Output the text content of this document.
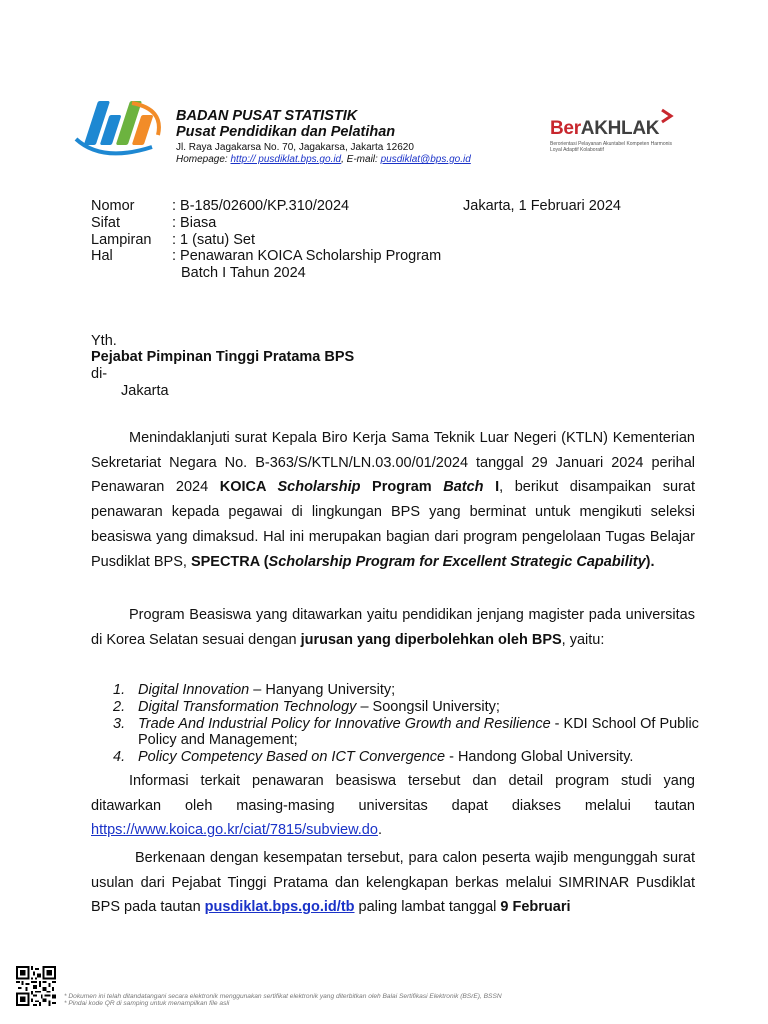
BADAN PUSAT STATISTIK
Pusat Pendidikan dan Pelatihan
Jl. Raya Jagakarsa No. 70, Jagakarsa, Jakarta 12620
Homepage: http:// pusdiklat.bps.go.id, E-mail: pusdiklat@bps.go.id
BerAKHLAK
Berorientasi Pelayanan Akuntabel Kompeten Harmonis Loyal Adaptif Kolaboratif
Nomor	: B-185/02600/KP.310/2024
Sifat	: Biasa
Lampiran : 1 (satu) Set
Hal	: Penawaran KOICA Scholarship Program
Batch I Tahun 2024
Jakarta, 1 Februari 2024
Yth.
Pejabat Pimpinan Tinggi Pratama BPS
di-
Jakarta
Menindaklanjuti surat Kepala Biro Kerja Sama Teknik Luar Negeri (KTLN) Kementerian Sekretariat Negara No. B-363/S/KTLN/LN.03.00/01/2024 tanggal 29 Januari 2024 perihal Penawaran 2024 KOICA Scholarship Program Batch I, berikut disampaikan surat penawaran kepada pegawai di lingkungan BPS yang berminat untuk mengikuti seleksi beasiswa yang dimaksud. Hal ini merupakan bagian dari program pengelolaan Tugas Belajar Pusdiklat BPS, SPECTRA (Scholarship Program for Excellent Strategic Capability).
Program Beasiswa yang ditawarkan yaitu pendidikan jenjang magister pada universitas di Korea Selatan sesuai dengan jurusan yang diperbolehkan oleh BPS, yaitu:
1. Digital Innovation – Hanyang University;
2. Digital Transformation Technology – Soongsil University;
3. Trade And Industrial Policy for Innovative Growth and Resilience - KDI School Of Public Policy and Management;
4. Policy Competency Based on ICT Convergence - Handong Global University.
Informasi terkait penawaran beasiswa tersebut dan detail program studi yang ditawarkan oleh masing-masing universitas dapat diakses melalui tautan https://www.koica.go.kr/ciat/7815/subview.do.
Berkenaan dengan kesempatan tersebut, para calon peserta wajib mengunggah surat usulan dari Pejabat Tinggi Pratama dan kelengkapan berkas melalui SIMRINAR Pusdiklat BPS pada tautan pusdiklat.bps.go.id/tb paling lambat tanggal 9 Februari
* Dokumen ini telah ditandatangani secara elektronik menggunakan sertifikat elektronik yang diterbitkan oleh Balai Sertifikasi Elektronik (BSrE), BSSN
* Pindai kode QR di samping untuk menampilkan file asli
